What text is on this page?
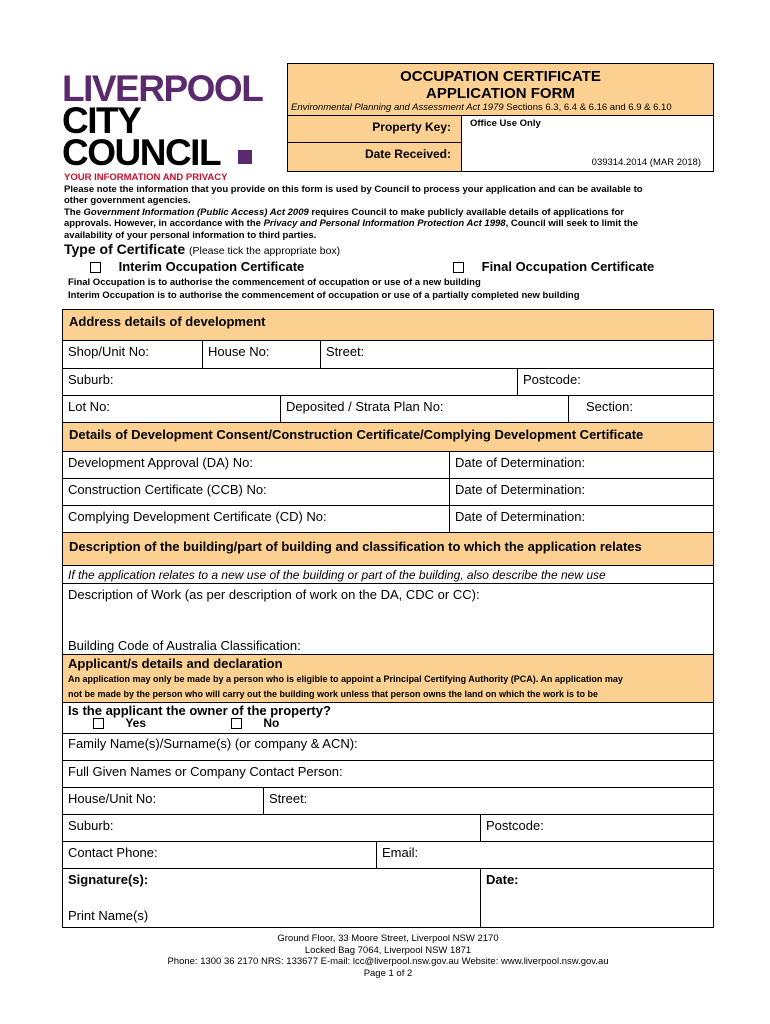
LIVERPOOL
CITY
COUNCIL
OCCUPATION CERTIFICATE
APPLICATION FORM
Environmental Planning and Assessment Act 1979 Sections 6.3, 6.4 & 6.16 and 6.9 & 6.10
Property Key:
Date Received:
Office Use Only
039314.2014 (MAR 2018)
YOUR INFORMATION AND PRIVACY
Please note the information that you provide on this form is used by Council to process your application and can be available to
other government agencies.
The Government Information (Public Access) Act 2009 requires Council to make publicly available details of applications for
approvals. However, in accordance with the Privacy and Personal Information Protection Act 1998, Council will seek to limit the
availability of your personal information to third parties.
Type of Certificate (Please tick the appropriate box)
Interim Occupation Certificate	Final Occupation Certificate
Final Occupation is to authorise the commencement of occupation or use of a new building
Interim Occupation is to authorise the commencement of occupation or use of a partially completed new building
Address details of development
Shop/Unit No:	House No:	Street:
Suburb:	Postcode:
Lot No:	Deposited / Strata Plan No:	Section:
Details of Development Consent/Construction Certificate/Complying Development Certificate
Development Approval (DA) No:	Date of Determination:
Construction Certificate (CCB) No:	Date of Determination:
Complying Development Certificate (CD) No:	Date of Determination:
Description of the building/part of building and classification to which the application relates
If the application relates to a new use of the building or part of the building, also describe the new use
Description of Work (as per description of work on the DA, CDC or CC):
Building Code of Australia Classification:
Applicant/s details and declaration
An application may only be made by a person who is eligible to appoint a Principal Certifying Authority (PCA). An application may
not be made by the person who will carry out the building work unless that person owns the land on which the work is to be
Is the applicant the owner of the property?
Yes	No
Family Name(s)/Surname(s) (or company & ACN):
Full Given Names or Company Contact Person:
House/Unit No:	Street:
Suburb:	Postcode:
Contact Phone:	Email:
Signature(s):
Print Name(s)
Date:
Ground Floor, 33 Moore Street, Liverpool NSW 2170
Locked Bag 7064, Liverpool NSW 1871
Phone: 1300 36 2170 NRS: 133677 E-mail: lcc@liverpool.nsw.gov.au Website: www.liverpool.nsw.gov.au
Page 1 of 2
